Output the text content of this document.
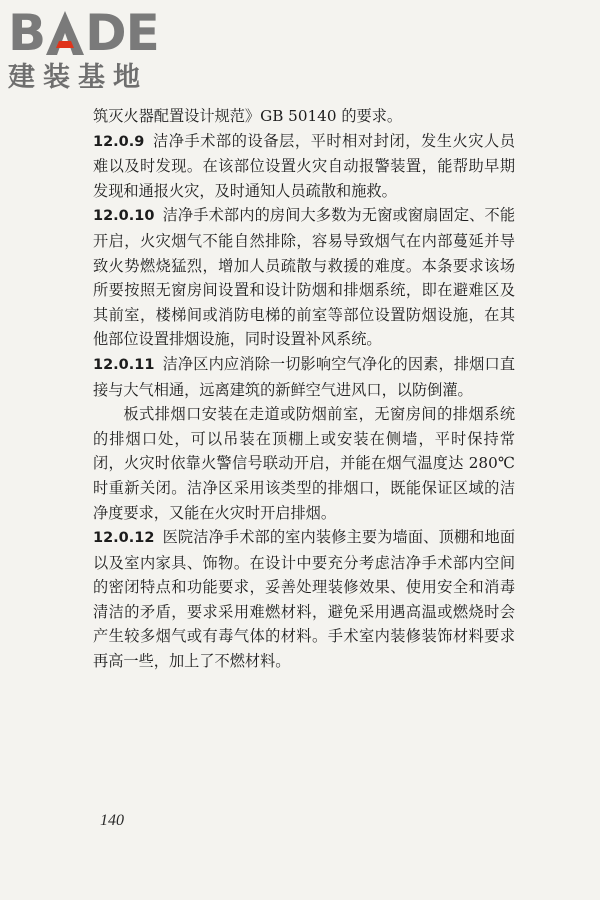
B DE
建装基地

筑灭火器配置设计规范》GB 50140 的要求。

12.0.9 洁净手术部的设备层，平时相对封闭，发生火灾人员难以及时发现。在该部位设置火灾自动报警装置，能帮助早期发现和通报火灾，及时通知人员疏散和施救。

12.0.10 洁净手术部内的房间大多数为无窗或窗扇固定、不能开启，火灾烟气不能自然排除，容易导致烟气在内部蔓延并导致火势燃烧猛烈，增加人员疏散与救援的难度。本条要求该场所要按照无窗房间设置和设计防烟和排烟系统，即在避难区及其前室，楼梯间或消防电梯的前室等部位设置防烟设施，在其他部位设置排烟设施，同时设置补风系统。

12.0.11 洁净区内应消除一切影响空气净化的因素，排烟口直接与大气相通，远离建筑的新鲜空气进风口，以防倒灌。

板式排烟口安装在走道或防烟前室，无窗房间的排烟系统的排烟口处，可以吊装在顶棚上或安装在侧墙，平时保持常闭，火灾时依靠火警信号联动开启，并能在烟气温度达 280℃时重新关闭。洁净区采用该类型的排烟口，既能保证区域的洁净度要求，又能在火灾时开启排烟。

12.0.12 医院洁净手术部的室内装修主要为墙面、顶棚和地面以及室内家具、饰物。在设计中要充分考虑洁净手术部内空间的密闭特点和功能要求，妥善处理装修效果、使用安全和消毒清洁的矛盾，要求采用难燃材料，避免采用遇高温或燃烧时会产生较多烟气或有毒气体的材料。手术室内装修装饰材料要求再高一些，加上了不燃材料。

140
